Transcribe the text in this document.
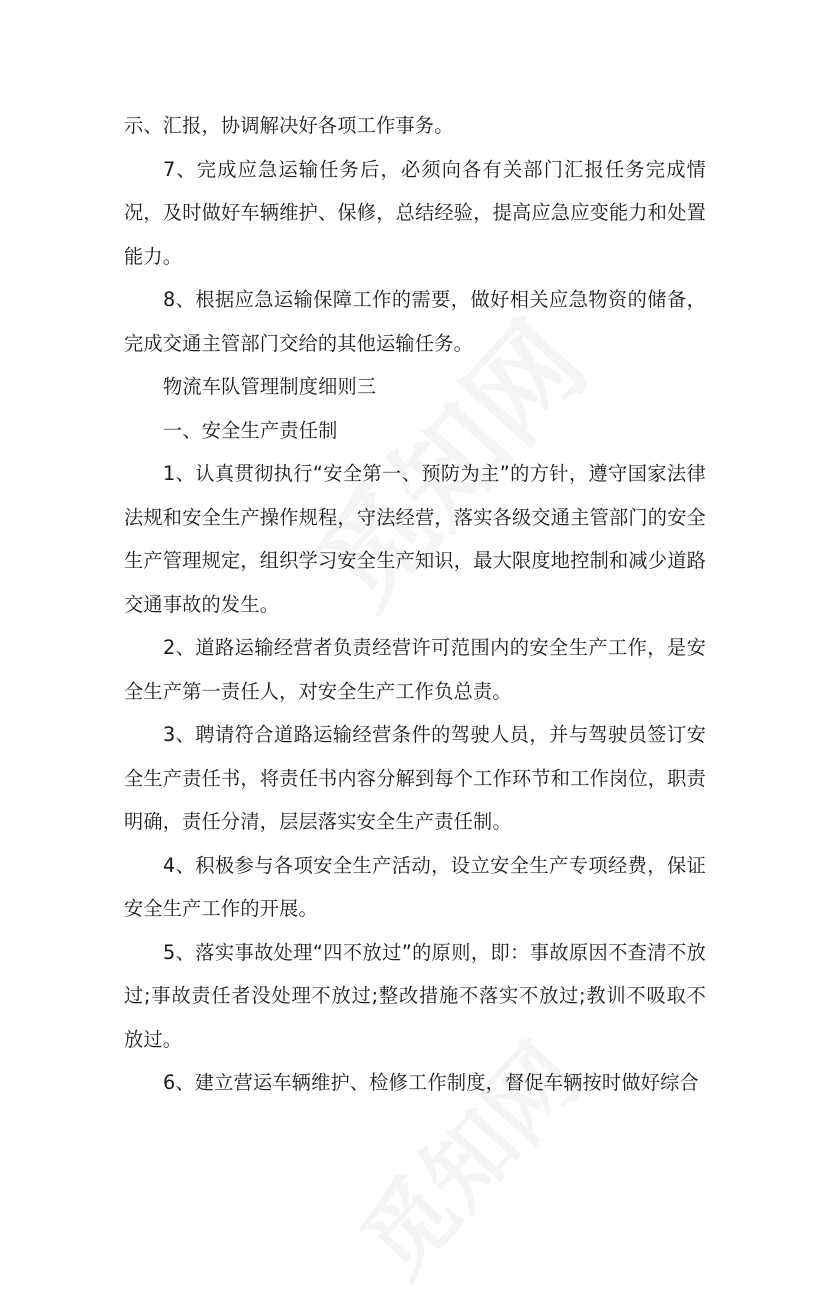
示、汇报，协调解决好各项工作事务。

7、完成应急运输任务后，必须向各有关部门汇报任务完成情况，及时做好车辆维护、保修，总结经验，提高应急应变能力和处置能力。

8、根据应急运输保障工作的需要，做好相关应急物资的储备，完成交通主管部门交给的其他运输任务。

物流车队管理制度细则三

一、安全生产责任制

1、认真贯彻执行“安全第一、预防为主”的方针，遵守国家法律法规和安全生产操作规程，守法经营，落实各级交通主管部门的安全生产管理规定，组织学习安全生产知识，最大限度地控制和减少道路交通事故的发生。

2、道路运输经营者负责经营许可范围内的安全生产工作，是安全生产第一责任人，对安全生产工作负总责。

3、聘请符合道路运输经营条件的驾驶人员，并与驾驶员签订安全生产责任书，将责任书内容分解到每个工作环节和工作岗位，职责明确，责任分清，层层落实安全生产责任制。

4、积极参与各项安全生产活动，设立安全生产专项经费，保证安全生产工作的开展。

5、落实事故处理“四不放过”的原则，即：事故原因不查清不放过;事故责任者没处理不放过;整改措施不落实不放过;教训不吸取不放过。

6、建立营运车辆维护、检修工作制度，督促车辆按时做好综合
